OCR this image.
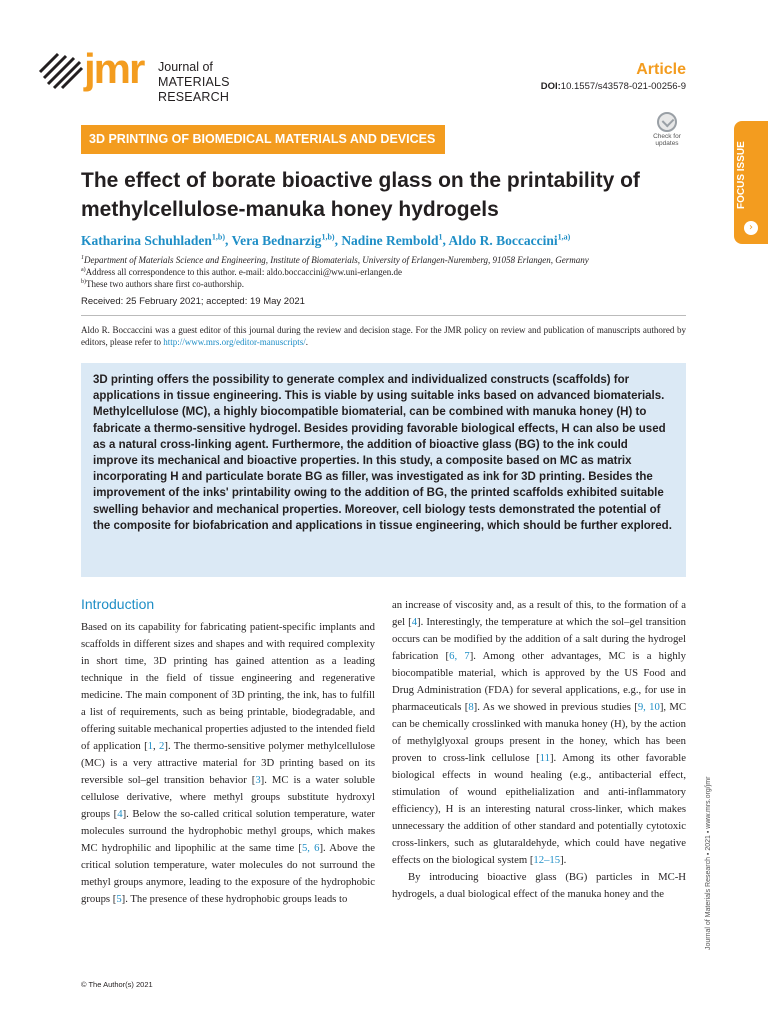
jmr Journal of
MATERIALS RESEARCH
Article
DOI:10.1557/s43578-021-00256-9
3D PRINTING OF BIOMEDICAL MATERIALS AND DEVICES	Check for updates	FOCUS ISSUE
›
The effect of borate bioactive glass on the printability of methylcellulose-manuka honey hydrogels
Katharina Schuhladen$^{1,b)}$, Vera Bednarzig$^{1,b)}$, Nadine Rembold$^1$, Aldo R. Boccaccini$^{1,a)}$
$^1$Department of Materials Science and Engineering, Institute of Biomaterials, University of Erlangen-Nuremberg, 91058 Erlangen, Germany
$^{a)}$Address all correspondence to this author. e-mail: aldo.boccaccini@ww.uni-erlangen.de
$^{b)}$These two authors share first co-authorship.
Received: 25 February 2021; accepted: 19 May 2021
Aldo R. Boccaccini was a guest editor of this journal during the review and decision stage. For the JMR policy on review and publication of manuscripts authored by editors, please refer to http://www.mrs.org/editor-manuscripts/.

3D printing offers the possibility to generate complex and individualized constructs (scaffolds) for applications in tissue engineering. This is viable by using suitable inks based on advanced biomaterials. Methylcellulose (MC), a highly biocompatible biomaterial, can be combined with manuka honey (H) to fabricate a thermo-sensitive hydrogel. Besides providing favorable biological effects, H can also be used as a natural cross-linking agent. Furthermore, the addition of bioactive glass (BG) to the ink could improve its mechanical and bioactive properties. In this study, a composite based on MC as matrix incorporating H and particulate borate BG as filler, was investigated as ink for 3D printing. Besides the improvement of the inks' printability owing to the addition of BG, the printed scaffolds exhibited suitable swelling behavior and mechanical properties. Moreover, cell biology tests demonstrated the potential of the composite for biofabrication and applications in tissue engineering, which should be further explored.

Introduction

Based on its capability for fabricating patient-specific implants and scaffolds in different sizes and shapes and with required complexity in short time, 3D printing has gained attention as a leading technique in the field of tissue engineering and regenerative medicine. The main component of 3D printing, the ink, has to fulfill a list of requirements, such as being printable, biodegradable, and offering suitable mechanical properties adjusted to the intended field of application [1, 2]. The thermo-sensitive polymer methylcellulose (MC) is a very attractive material for 3D printing based on its reversible sol–gel transition behavior [3]. MC is a water soluble cellulose derivative, where methyl groups substitute hydroxyl groups [4]. Below the so-called critical solution temperature, water molecules surround the hydrophobic methyl groups, which makes MC hydrophilic and lipophilic at the same time [5, 6]. Above the critical solution temperature, water molecules do not surround the methyl groups anymore, leading to the exposure of the hydrophobic groups [5]. The presence of these hydrophobic groups leads to

an increase of viscosity and, as a result of this, to the formation of a gel [4]. Interestingly, the temperature at which the sol–gel transition occurs can be modified by the addition of a salt during the hydrogel fabrication [6, 7]. Among other advantages, MC is a highly biocompatible material, which is approved by the US Food and Drug Administration (FDA) for several applications, e.g., for use in pharmaceuticals [8]. As we showed in previous studies [9, 10], MC can be chemically crosslinked with manuka honey (H), by the action of methylglyoxal groups present in the honey, which has been proven to cross-link cellulose [11]. Among its other favorable biological effects in wound healing (e.g., antibacterial effect, stimulation of wound epithelialization and anti-inflammatory efficiency), H is an interesting natural cross-linker, which makes unnecessary the addition of other standard and potentially cytotoxic cross-linkers, such as glutaraldehyde, which could have negative effects on the biological system [12–15].

By introducing bioactive glass (BG) particles in MC-H hydrogels, a dual biological effect of the manuka honey and the	Journal of Materials Research ▪ 2021 ▪ www.mrs.org/jmr
© The Author(s) 2021
